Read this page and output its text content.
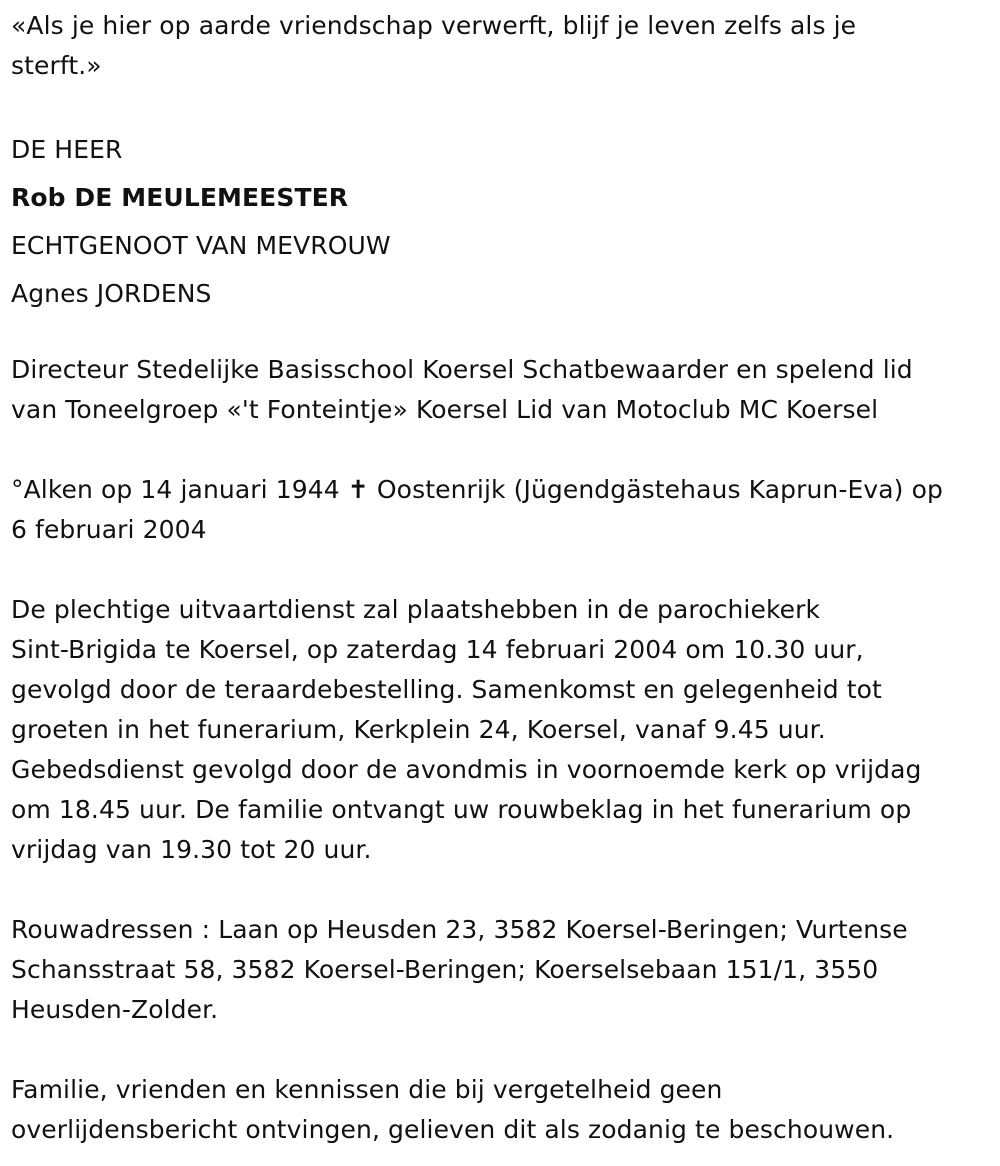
«Als je hier op aarde vriendschap verwerft, blijf je leven zelfs als je
sterft.»
DE HEER
Rob DE MEULEMEESTER
ECHTGENOOT VAN MEVROUW
Agnes JORDENS
Directeur Stedelijke Basisschool Koersel Schatbewaarder en spelend lid
van Toneelgroep «'t Fonteintje» Koersel Lid van Motoclub MC Koersel
°Alken op 14 januari 1944 ✝ Oostenrijk (Jügendgästehaus Kaprun-Eva) op
6 februari 2004
De plechtige uitvaartdienst zal plaatshebben in de parochiekerk
Sint-Brigida te Koersel, op zaterdag 14 februari 2004 om 10.30 uur,
gevolgd door de teraardebestelling. Samenkomst en gelegenheid tot
groeten in het funerarium, Kerkplein 24, Koersel, vanaf 9.45 uur.
Gebedsdienst gevolgd door de avondmis in voornoemde kerk op vrijdag
om 18.45 uur. De familie ontvangt uw rouwbeklag in het funerarium op
vrijdag van 19.30 tot 20 uur.
Rouwadressen : Laan op Heusden 23, 3582 Koersel-Beringen; Vurtense
Schansstraat 58, 3582 Koersel-Beringen; Koerselsebaan 151/1, 3550
Heusden-Zolder.
Familie, vrienden en kennissen die bij vergetelheid geen
overlijdensbericht ontvingen, gelieven dit als zodanig te beschouwen.
